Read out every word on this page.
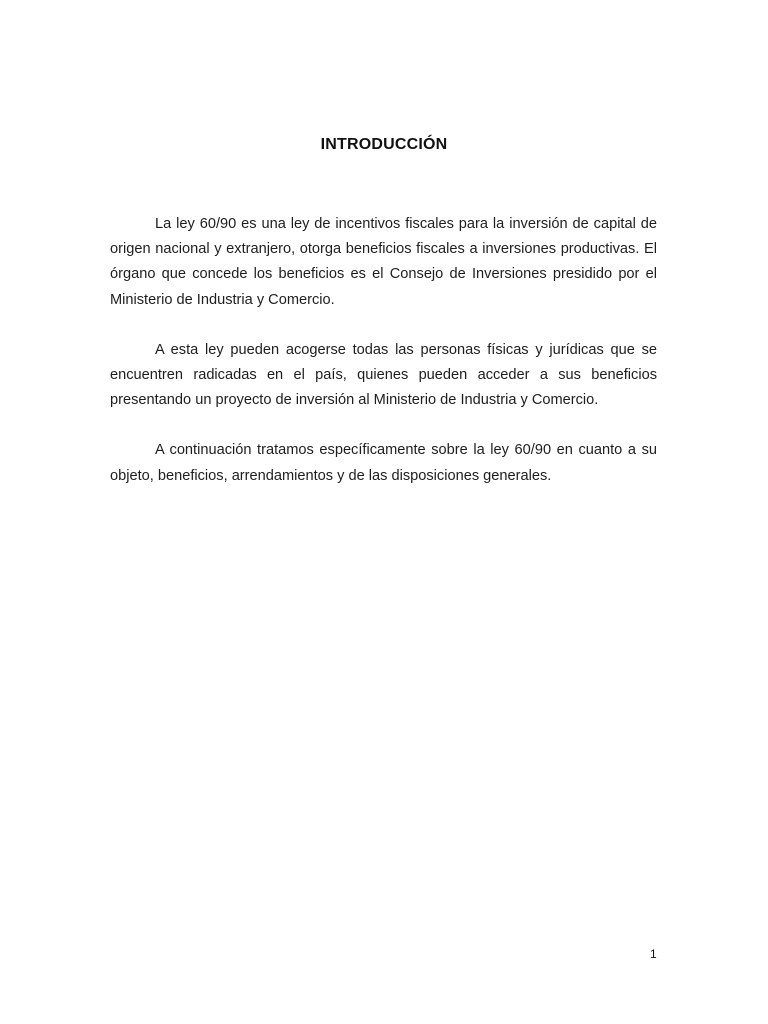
INTRODUCCIÓN

La ley 60/90 es una ley de incentivos fiscales para la inversión de capital de origen nacional y extranjero, otorga beneficios fiscales a inversiones productivas. El órgano que concede los beneficios es el Consejo de Inversiones presidido por el Ministerio de Industria y Comercio.

A esta ley pueden acogerse todas las personas físicas y jurídicas que se encuentren radicadas en el país, quienes pueden acceder a sus beneficios presentando un proyecto de inversión al Ministerio de Industria y Comercio.

A continuación tratamos específicamente sobre la ley 60/90 en cuanto a su objeto, beneficios, arrendamientos y de las disposiciones generales.

1
